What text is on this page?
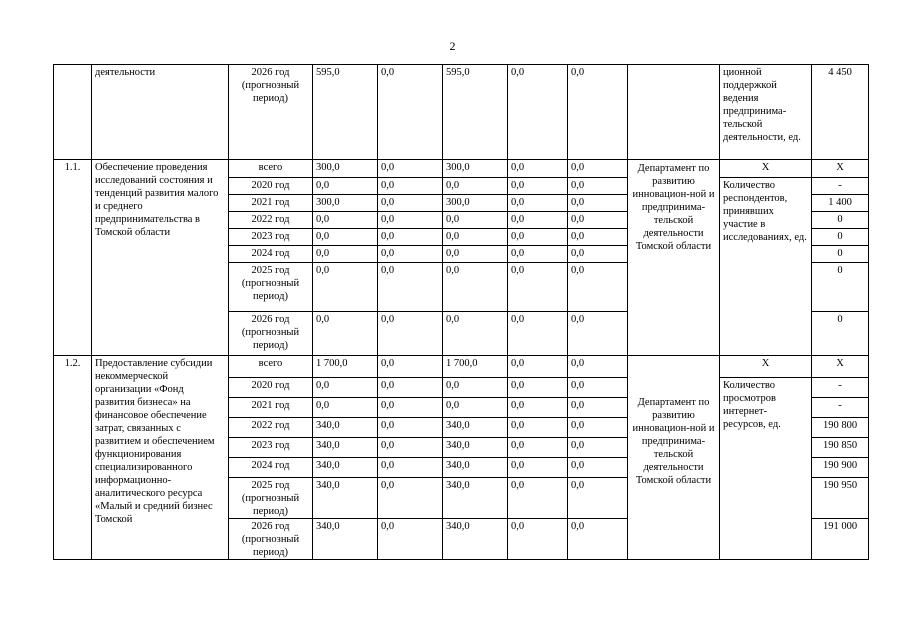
2
	деятельности	2026 год (прогнозный период)	595,0	0,0	595,0	0,0	0,0		ционной поддержкой ведения предпринима-тельской деятельности, ед.	4 450
1.1.	Обеспечение проведения исследований состояния и тенденций развития малого и среднего предпринимательства в Томской области	всего	300,0	0,0	300,0	0,0	0,0	Департамент по развитию инновацион-ной и предпринима-тельской деятельности Томской области	Х	Х
		2020 год	0,0	0,0	0,0	0,0	0,0		Количество респондентов, принявших участие в исследованиях, ед.	-
		2021 год	300,0	0,0	300,0	0,0	0,0			1 400
		2022 год	0,0	0,0	0,0	0,0	0,0			0
		2023 год	0,0	0,0	0,0	0,0	0,0			0
		2024 год	0,0	0,0	0,0	0,0	0,0			0
		2025 год (прогнозный период)	0,0	0,0	0,0	0,0	0,0			0
		2026 год (прогнозный период)	0,0	0,0	0,0	0,0	0,0			0
1.2.	Предоставление субсидии некоммерческой организации «Фонд развития бизнеса» на финансовое обеспечение затрат, связанных с развитием и обеспечением функционирования специализированного информационно-аналитического ресурса «Малый и средний бизнес Томской	всего	1 700,0	0,0	1 700,0	0,0	0,0	Департамент по развитию инновацион-ной и предпринима-тельской деятельности Томской области	Х	Х
		2020 год	0,0	0,0	0,0	0,0	0,0		Количество просмотров интернет-ресурсов, ед.	-
		2021 год	0,0	0,0	0,0	0,0	0,0			-
		2022 год	340,0	0,0	340,0	0,0	0,0			190 800
		2023 год	340,0	0,0	340,0	0,0	0,0			190 850
		2024 год	340,0	0,0	340,0	0,0	0,0			190 900
		2025 год (прогнозный период)	340,0	0,0	340,0	0,0	0,0			190 950
		2026 год (прогнозный период)	340,0	0,0	340,0	0,0	0,0			191 000
